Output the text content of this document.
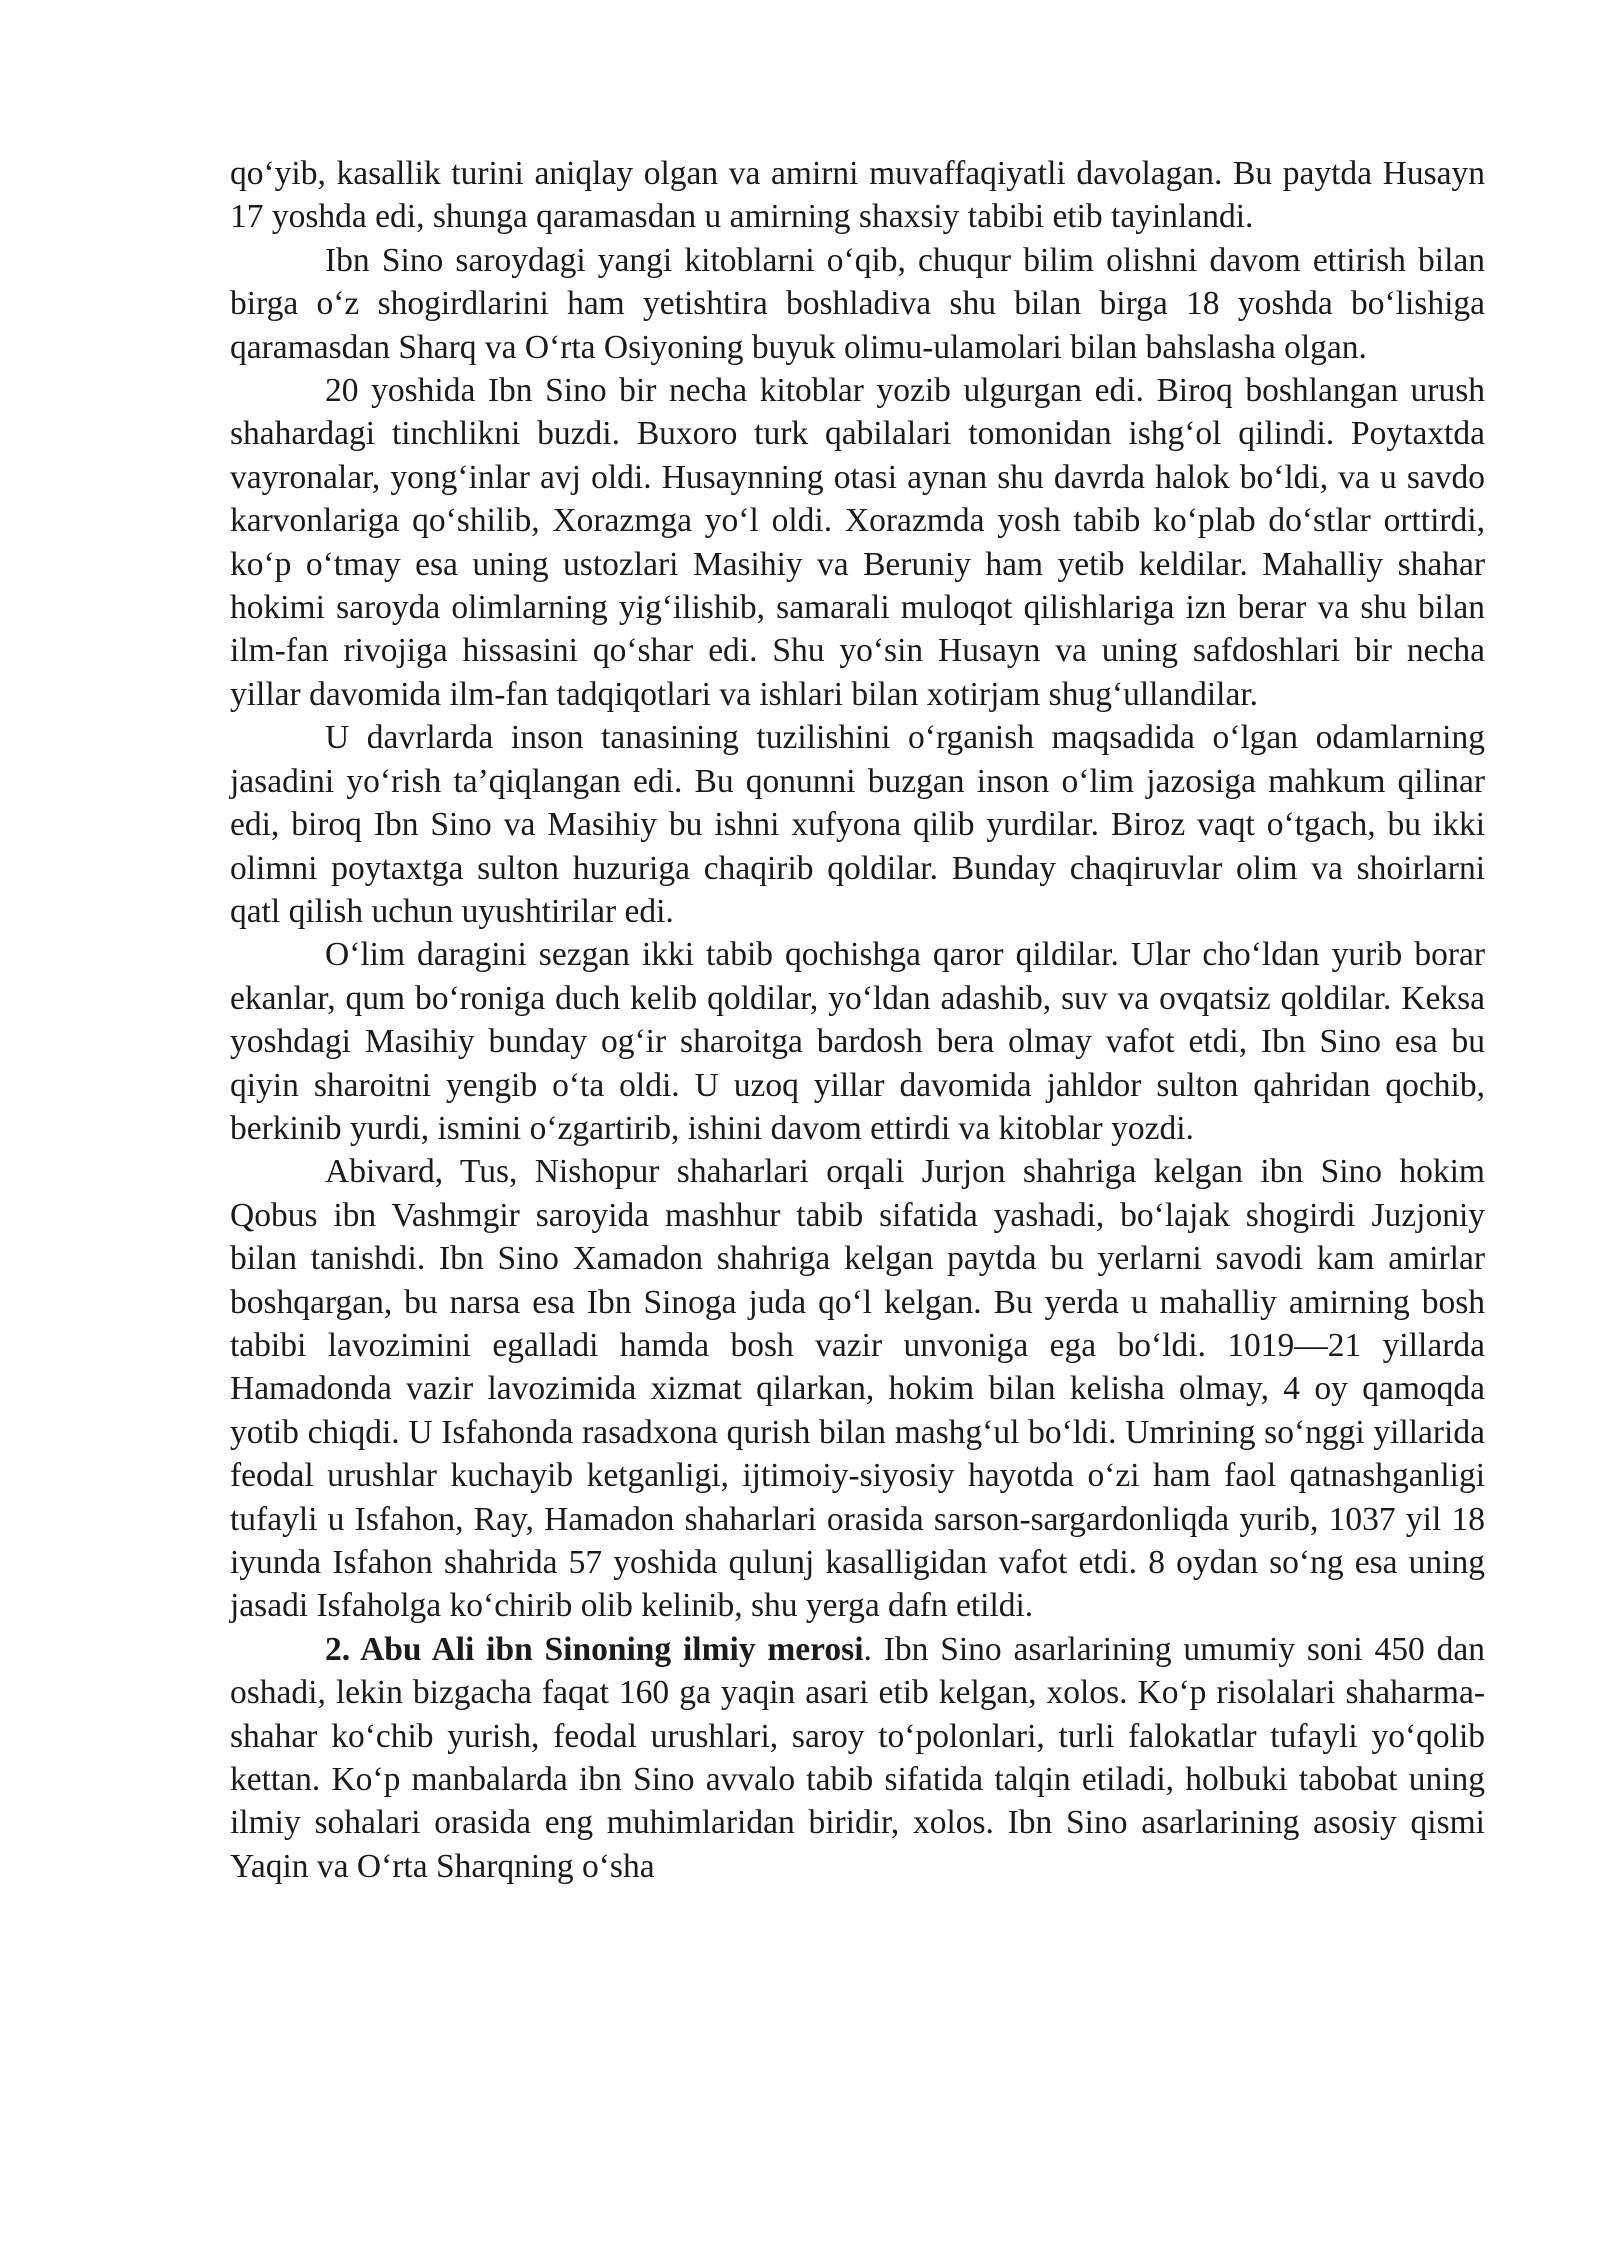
qo‘yib, kasallik turini aniqlay olgan va amirni muvaffaqiyatli davolagan. Bu paytda Husayn 17 yoshda edi, shunga qaramasdan u amirning shaxsiy tabibi etib tayinlandi.

Ibn Sino saroydagi yangi kitoblarni o‘qib, chuqur bilim olishni davom ettirish bilan birga o‘z shogirdlarini ham yetishtira boshladiva shu bilan birga 18 yoshda bo‘lishiga qaramasdan Sharq va O‘rta Osiyoning buyuk olimu-ulamolari bilan bahslasha olgan.

20 yoshida Ibn Sino bir necha kitoblar yozib ulgurgan edi. Biroq boshlangan urush shahardagi tinchlikni buzdi. Buxoro turk qabilalari tomonidan ishg‘ol qilindi. Poytaxtda vayronalar, yong‘inlar avj oldi. Husaynning otasi aynan shu davrda halok bo‘ldi, va u savdo karvonlariga qo‘shilib, Xorazmga yo‘l oldi. Xorazmda yosh tabib ko‘plab do‘stlar orttirdi, ko‘p o‘tmay esa uning ustozlari Masihiy va Beruniy ham yetib keldilar. Mahalliy shahar hokimi saroyda olimlarning yig‘ilishib, samarali muloqot qilishlariga izn berar va shu bilan ilm-fan rivojiga hissasini qo‘shar edi. Shu yo‘sin Husayn va uning safdoshlari bir necha yillar davomida ilm-fan tadqiqotlari va ishlari bilan xotirjam shug‘ullandilar.

U davrlarda inson tanasining tuzilishini o‘rganish maqsadida o‘lgan odamlarning jasadini yo‘rish ta’qiqlangan edi. Bu qonunni buzgan inson o‘lim jazosiga mahkum qilinar edi, biroq Ibn Sino va Masihiy bu ishni xufyona qilib yurdilar. Biroz vaqt o‘tgach, bu ikki olimni poytaxtga sulton huzuriga chaqirib qoldilar. Bunday chaqiruvlar olim va shoirlarni qatl qilish uchun uyushtirilar edi.

O‘lim daragini sezgan ikki tabib qochishga qaror qildilar. Ular cho‘ldan yurib borar ekanlar, qum bo‘roniga duch kelib qoldilar, yo‘ldan adashib, suv va ovqatsiz qoldilar. Keksa yoshdagi Masihiy bunday og‘ir sharoitga bardosh bera olmay vafot etdi, Ibn Sino esa bu qiyin sharoitni yengib o‘ta oldi. U uzoq yillar davomida jahldor sulton qahridan qochib, berkinib yurdi, ismini o‘zgartirib, ishini davom ettirdi va kitoblar yozdi.

Abivard, Tus, Nishopur shaharlari orqali Jurjon shahriga kelgan ibn Sino hokim Qobus ibn Vashmgir saroyida mashhur tabib sifatida yashadi, bo‘lajak shogirdi Juzjoniy bilan tanishdi. Ibn Sino Xamadon shahriga kelgan paytda bu yerlarni savodi kam amirlar boshqargan, bu narsa esa Ibn Sinoga juda qo‘l kelgan. Bu yerda u mahalliy amirning bosh tabibi lavozimini egalladi hamda bosh vazir unvoniga ega bo‘ldi. 1019—21 yillarda Hamadonda vazir lavozimida xizmat qilarkan, hokim bilan kelisha olmay, 4 oy qamoqda yotib chiqdi. U Isfahonda rasadxona qurish bilan mashg‘ul bo‘ldi. Umrining so‘nggi yillarida feodal urushlar kuchayib ketganligi, ijtimoiy-siyosiy hayotda o‘zi ham faol qatnashganligi tufayli u Isfahon, Ray, Hamadon shaharlari orasida sarson-sargardonliqda yurib, 1037 yil 18 iyunda Isfahon shahrida 57 yoshida qulunj kasalligidan vafot etdi. 8 oydan so‘ng esa uning jasadi Isfaholga ko‘chirib olib kelinib, shu yerga dafn etildi.

2. Abu Ali ibn Sinoning ilmiy merosi. Ibn Sino asarlarining umumiy soni 450 dan oshadi, lekin bizgacha faqat 160 ga yaqin asari etib kelgan, xolos. Ko‘p risolalari shaharma-shahar ko‘chib yurish, feodal urushlari, saroy to‘polonlari, turli falokatlar tufayli yo‘qolib kettan. Ko‘p manbalarda ibn Sino avvalo tabib sifatida talqin etiladi, holbuki tabobat uning ilmiy sohalari orasida eng muhimlaridan biridir, xolos. Ibn Sino asarlarining asosiy qismi Yaqin va O‘rta Sharqning o‘sha
